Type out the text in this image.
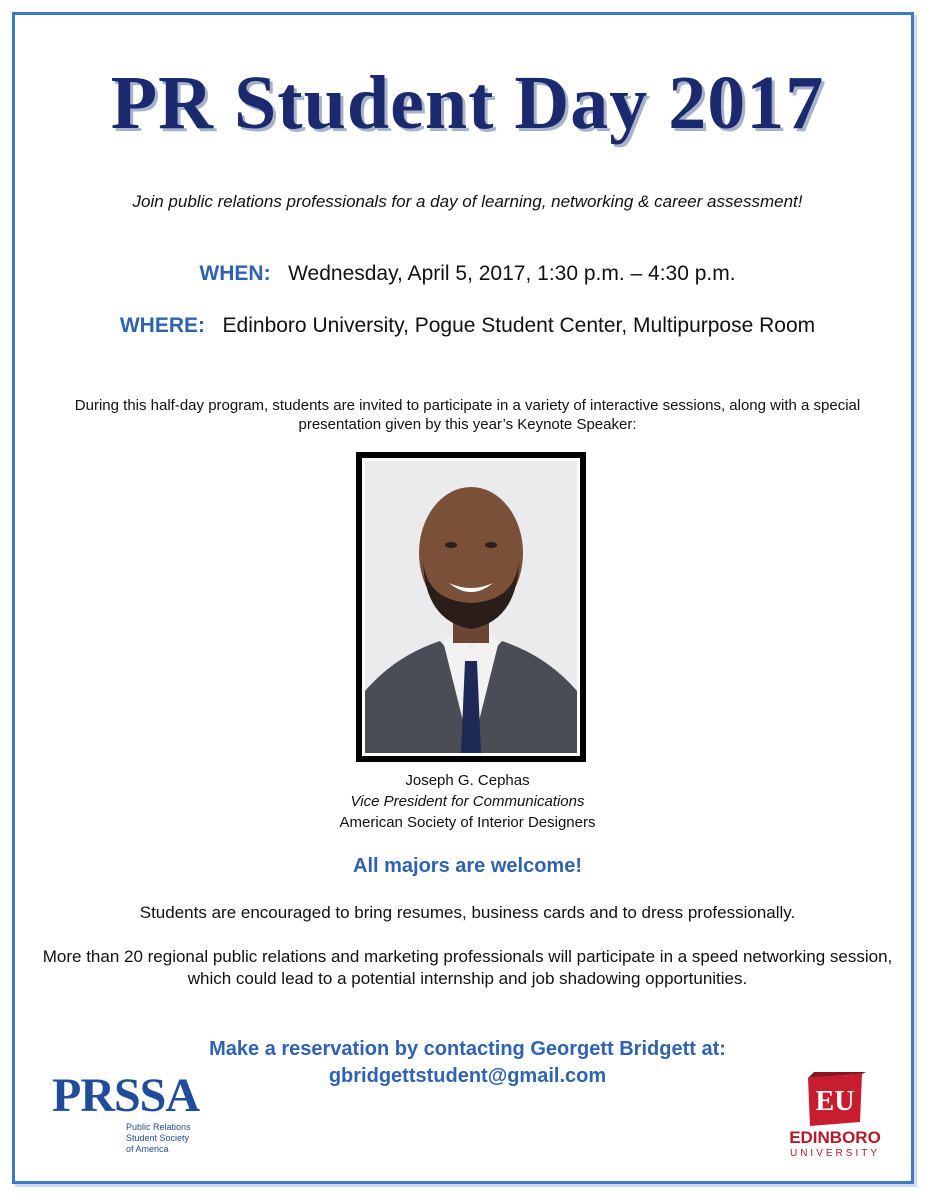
PR Student Day 2017
Join public relations professionals for a day of learning, networking & career assessment!
WHEN: Wednesday, April 5, 2017, 1:30 p.m. – 4:30 p.m.
WHERE: Edinboro University, Pogue Student Center, Multipurpose Room
During this half-day program, students are invited to participate in a variety of interactive sessions, along with a special presentation given by this year’s Keynote Speaker:
Joseph G. Cephas
Vice President for Communications
American Society of Interior Designers
All majors are welcome!
Students are encouraged to bring resumes, business cards and to dress professionally.
More than 20 regional public relations and marketing professionals will participate in a speed networking session, which could lead to a potential internship and job shadowing opportunities.
Make a reservation by contacting Georgett Bridgett at:
gbridgettstudent@gmail.com
PRSSA
Public Relations
Student Society
of America
EU
EDINBORO
UNIVERSITY
